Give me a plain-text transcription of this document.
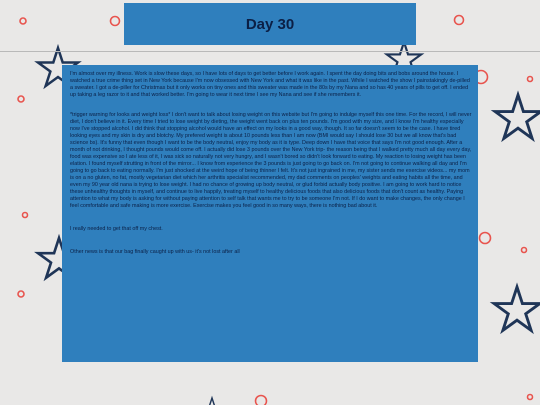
Day 30

I'm almost over my illness. Work is slow these days, so I have lots of days to get better before I work again. I spent the day doing bits and bobs around the house. I watched a true crime thing set in New York because I'm now obsessed with New York and what it was like in the past. While I watched the show I painstakingly de-pilled a sweater. I got a de-piller for Christmas but it only works on tiny ones and this sweater was made in the 80s by my Nana and so has 40 years of pills to get off. I ended up taking a leg razor to it and that worked better. I'm going to wear it next time I see my Nana and see if she remembers it.

*trigger warning for looks and weight loss* I don't want to talk about losing weight on this website but I'm going to indulge myself this one time. For the record, I will never diet, I don't believe in it. Every time I tried to lose weight by dieting, the weight went back on plus ten pounds. I'm good with my size, and I know I'm healthy especially now I've stopped alcohol. I did think that stopping alcohol would have an effect on my looks in a good way, though. It so far doesn't seem to be the case. I have tired looking eyes and my skin is dry and blotchy. My prefered weight is about 10 pounds less than I am now (BMI would say I should lose 30 but we all know that's bad science bs). It's funny that even though I want to be the body neutral, enjoy my body as it is type. Deep down I have that voice that says I'm not good enough. After a month of not drinking, I thought pounds would come off. I actually did lose 3 pounds over the New York trip- the reason being that I walked pretty much all day every day, food was expensive so I ate less of it, I was sick so naturally not very hungry, and I wasn't bored so didn't look forward to eating. My reaction to losing weight has been elation. I found myself strutting in front of the mirror... I know from experience the 3 pounds is just going to go back on. I'm not going to continue walking all day and I'm going to go back to eating normally. I'm just shocked at the weird hope of being thinner I felt. It's not just ingrained in me, my sister sends me exercise videos... my mom is on a no gluten, no fat, mostly vegetarian diet which her arthritis specialist recommended, my dad comments on peoples' weights and eating habits all the time, and even my 90 year old nana is trying to lose weight. I had no chance of growing up body neutral, or glud forbid actually body positive. I am going to work hard to notice these unhealthy thoughts in myself, and continue to live happily, treating myself to healthy delicious foods that also delicious foods that don't count as healthy. Paying attention to what my body is asking for without paying attention to self talk that wants me to try to be someone I'm not. If I do want to make changes, the only change I feel comfortable and safe making is more exercise. Exercise makes you feel good in so many ways, there is nothing bad about it.

I really needed to get that off my chest.

Other news is that our bag finally caught up with us- it's not lost after all
